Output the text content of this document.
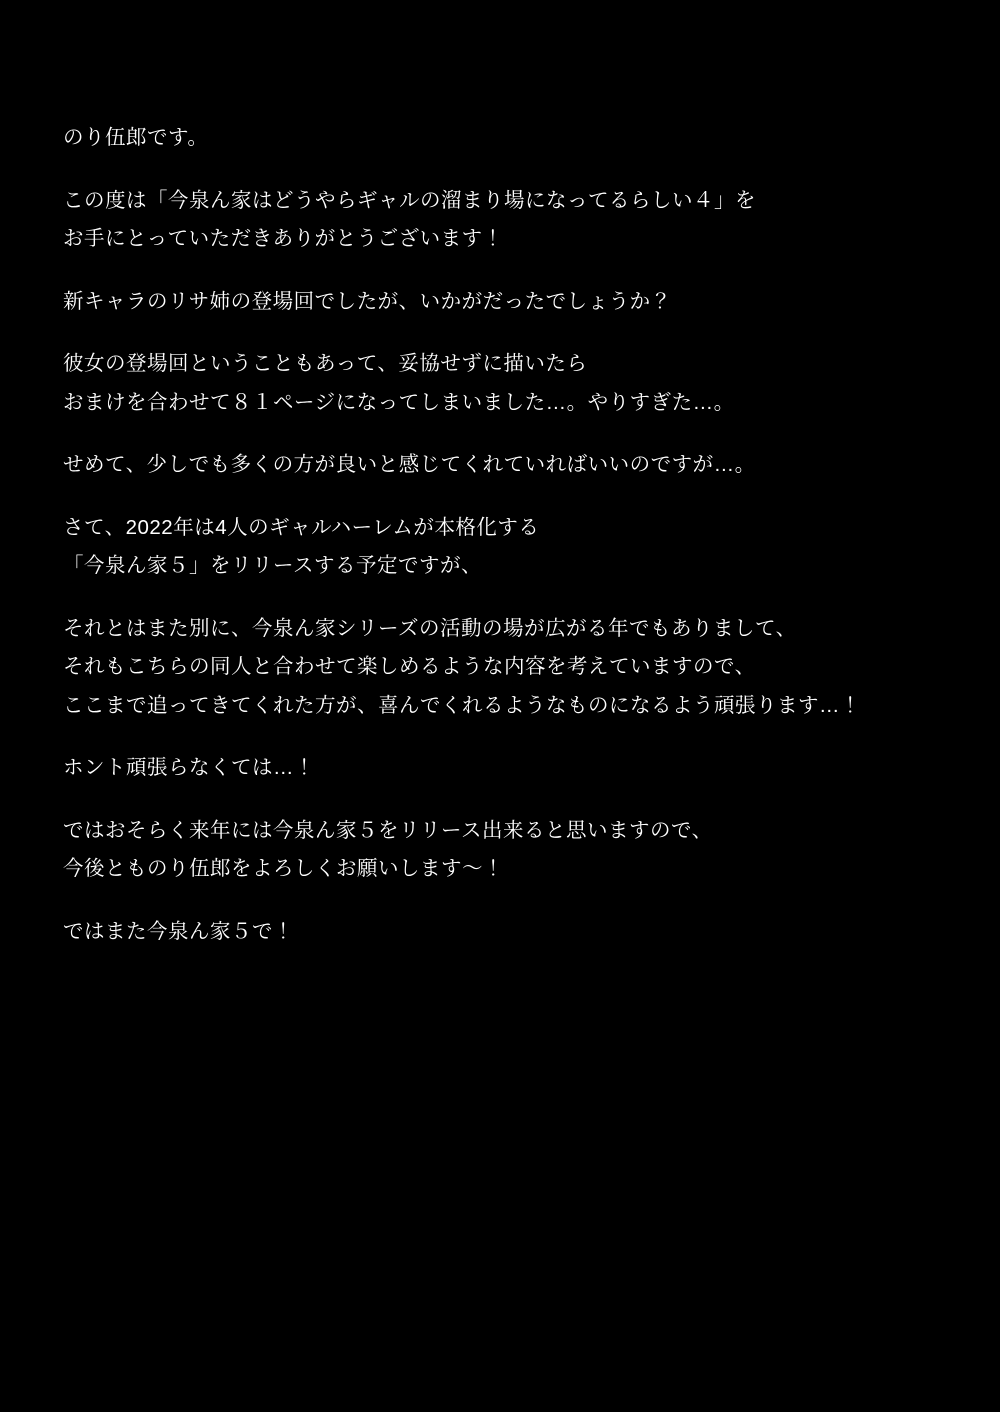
のり伍郎です。
この度は「今泉ん家はどうやらギャルの溜まり場になってるらしい４」を
お手にとっていただきありがとうございます！
新キャラのリサ姉の登場回でしたが、いかがだったでしょうか？
彼女の登場回ということもあって、妥協せずに描いたら
おまけを合わせて８１ページになってしまいました…。やりすぎた…。
せめて、少しでも多くの方が良いと感じてくれていればいいのですが…。
さて、2022年は4人のギャルハーレムが本格化する
「今泉ん家５」をリリースする予定ですが、
それとはまた別に、今泉ん家シリーズの活動の場が広がる年でもありまして、
それもこちらの同人と合わせて楽しめるような内容を考えていますので、
ここまで追ってきてくれた方が、喜んでくれるようなものになるよう頑張ります…！
ホント頑張らなくては…！
ではおそらく来年には今泉ん家５をリリース出来ると思いますので、
今後とものり伍郎をよろしくお願いします〜！
ではまた今泉ん家５で！
